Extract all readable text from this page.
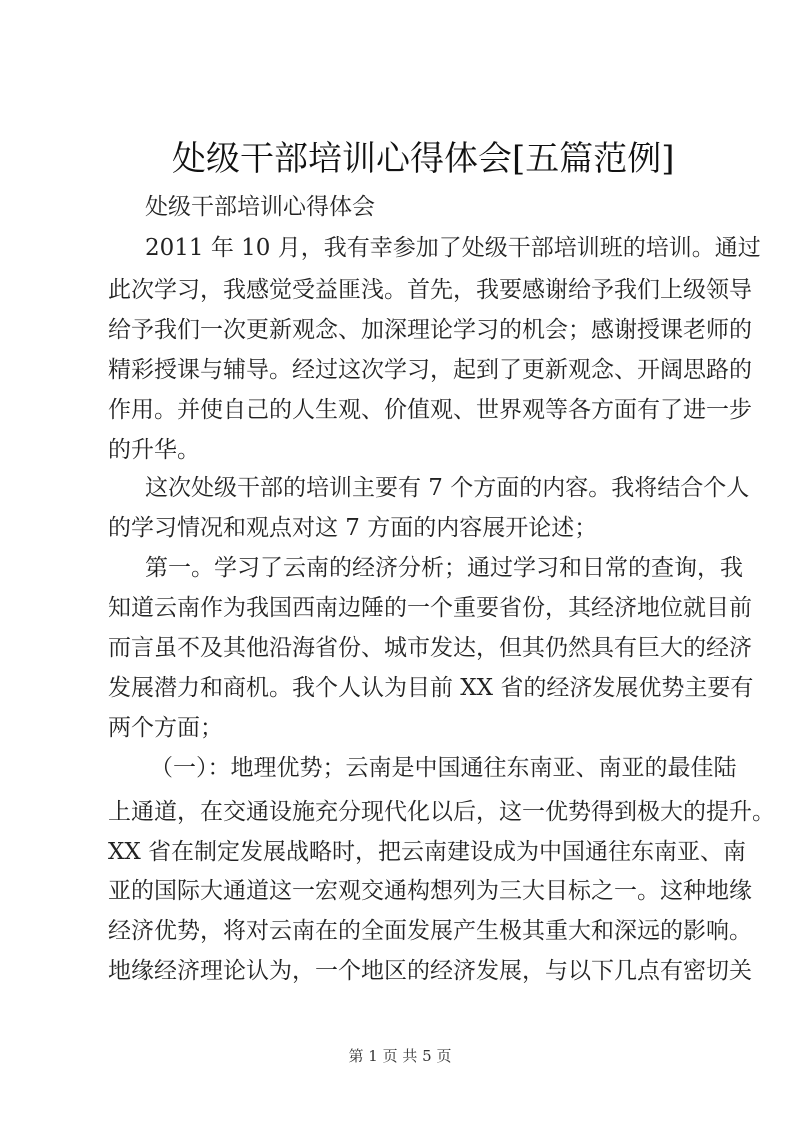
处级干部培训心得体会[五篇范例]
处级干部培训心得体会
2011 年 10 月，我有幸参加了处级干部培训班的培训。通过
此次学习，我感觉受益匪浅。首先，我要感谢给予我们上级领导
给予我们一次更新观念、加深理论学习的机会；感谢授课老师的
精彩授课与辅导。经过这次学习，起到了更新观念、开阔思路的
作用。并使自己的人生观、价值观、世界观等各方面有了进一步
的升华。
这次处级干部的培训主要有 7 个方面的内容。我将结合个人
的学习情况和观点对这 7 方面的内容展开论述；
第一。学习了云南的经济分析；通过学习和日常的查询，我
知道云南作为我国西南边陲的一个重要省份，其经济地位就目前
而言虽不及其他沿海省份、城市发达，但其仍然具有巨大的经济
发展潜力和商机。我个人认为目前 XX 省的经济发展优势主要有
两个方面；
（一）：地理优势；云南是中国通往东南亚、南亚的最佳陆
上通道，在交通设施充分现代化以后，这一优势得到极大的提升。
XX 省在制定发展战略时，把云南建设成为中国通往东南亚、南
亚的国际大通道这一宏观交通构想列为三大目标之一。这种地缘
经济优势，将对云南在的全面发展产生极其重大和深远的影响。
地缘经济理论认为，一个地区的经济发展，与以下几点有密切关
第 1 页 共 5 页
